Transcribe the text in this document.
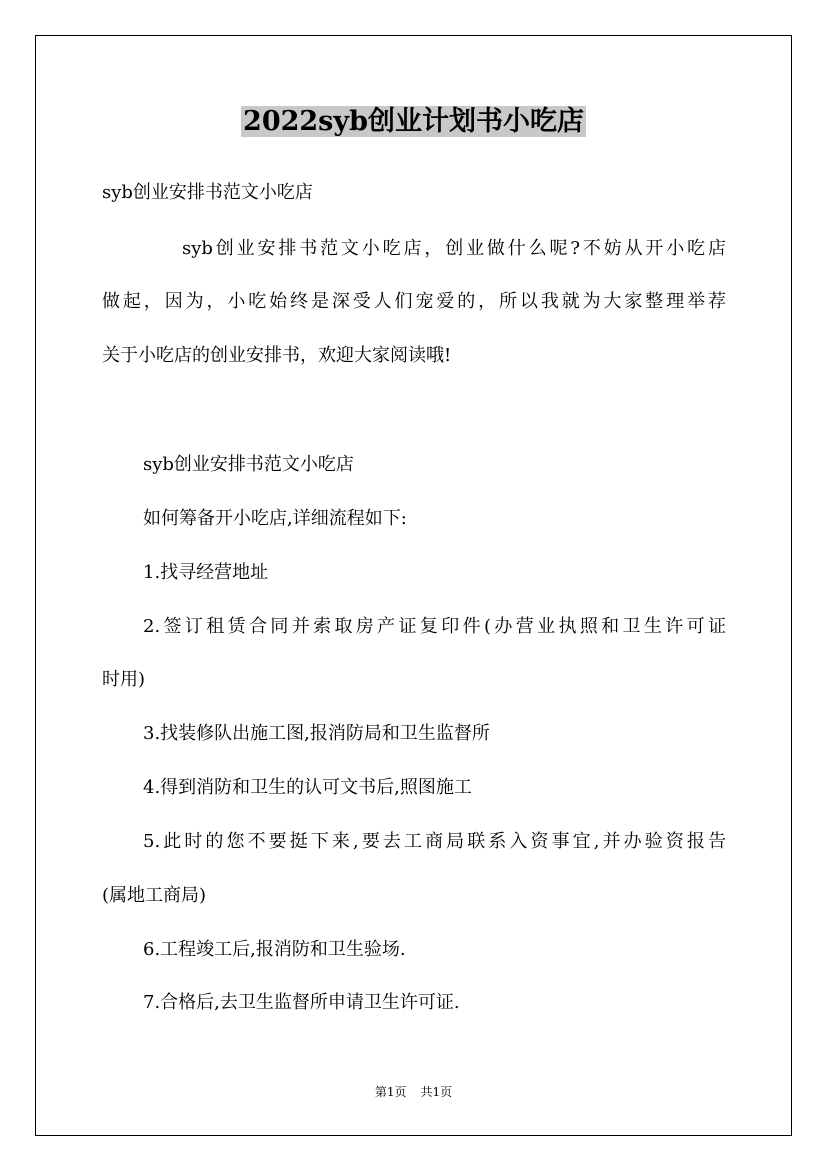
2022syb创业计划书小吃店
syb创业安排书范文小吃店
syb创业安排书范文小吃店，创业做什么呢?不妨从开小吃店
做起，因为，小吃始终是深受人们宠爱的，所以我就为大家整理举荐
关于小吃店的创业安排书，欢迎大家阅读哦!
syb创业安排书范文小吃店
如何筹备开小吃店,详细流程如下:
1.找寻经营地址
2.签订租赁合同并索取房产证复印件(办营业执照和卫生许可证
时用)
3.找装修队出施工图,报消防局和卫生监督所
4.得到消防和卫生的认可文书后,照图施工
5.此时的您不要挺下来,要去工商局联系入资事宜,并办验资报告
(属地工商局)
6.工程竣工后,报消防和卫生验场.
7.合格后,去卫生监督所申请卫生许可证.
第1页 共1页
